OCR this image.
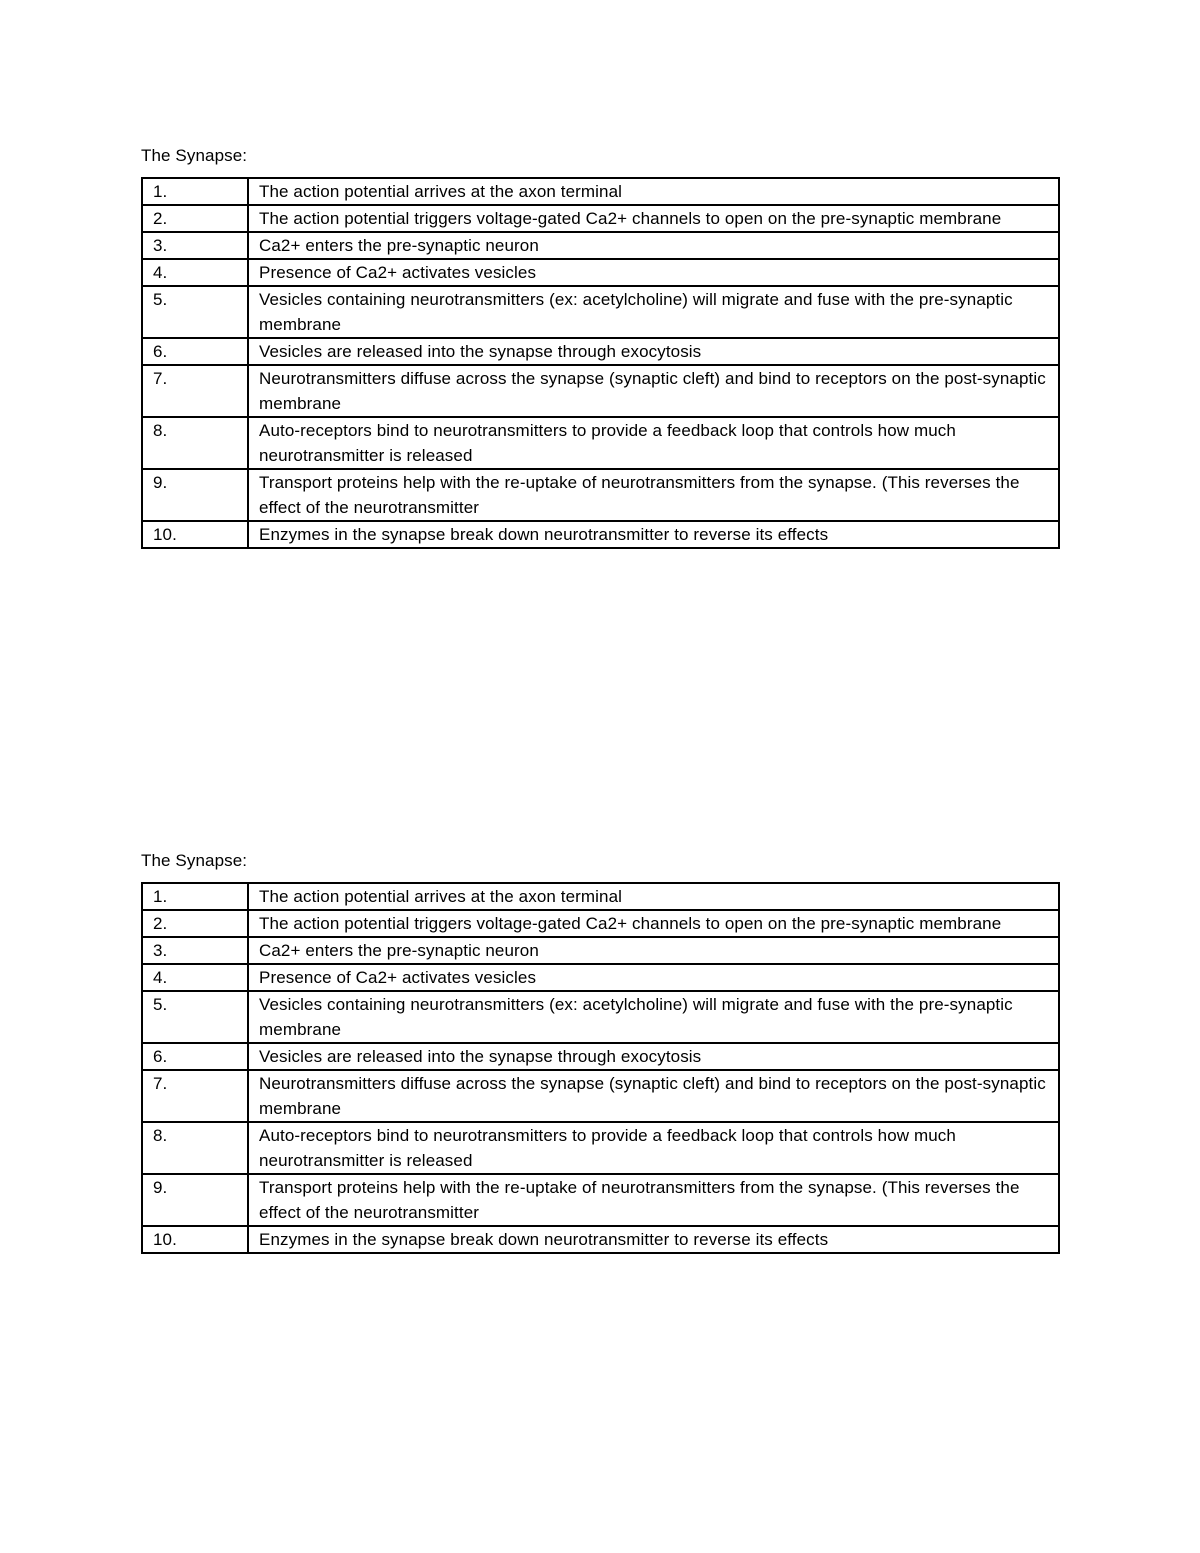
The Synapse:
1.	The action potential arrives at the axon terminal
2.	The action potential triggers voltage-gated Ca2+ channels to open on the pre-synaptic membrane
3.	Ca2+ enters the pre-synaptic neuron
4.	Presence of Ca2+ activates vesicles
5.	Vesicles containing neurotransmitters (ex: acetylcholine) will migrate and fuse with the pre-synaptic membrane
6.	Vesicles are released into the synapse through exocytosis
7.	Neurotransmitters diffuse across the synapse (synaptic cleft) and bind to receptors on the post-synaptic membrane
8.	Auto-receptors bind to neurotransmitters to provide a feedback loop that controls how much neurotransmitter is released
9.	Transport proteins help with the re-uptake of neurotransmitters from the synapse. (This reverses the effect of the neurotransmitter
10.	Enzymes in the synapse break down neurotransmitter to reverse its effects
The Synapse:
1.	The action potential arrives at the axon terminal
2.	The action potential triggers voltage-gated Ca2+ channels to open on the pre-synaptic membrane
3.	Ca2+ enters the pre-synaptic neuron
4.	Presence of Ca2+ activates vesicles
5.	Vesicles containing neurotransmitters (ex: acetylcholine) will migrate and fuse with the pre-synaptic membrane
6.	Vesicles are released into the synapse through exocytosis
7.	Neurotransmitters diffuse across the synapse (synaptic cleft) and bind to receptors on the post-synaptic membrane
8.	Auto-receptors bind to neurotransmitters to provide a feedback loop that controls how much neurotransmitter is released
9.	Transport proteins help with the re-uptake of neurotransmitters from the synapse. (This reverses the effect of the neurotransmitter
10.	Enzymes in the synapse break down neurotransmitter to reverse its effects
